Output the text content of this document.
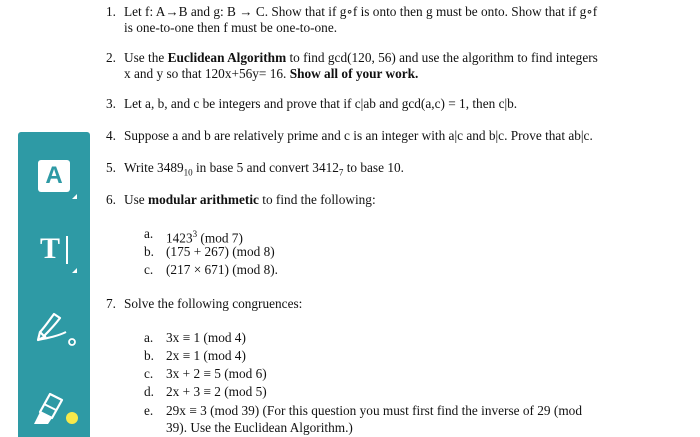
1. Let f: A→B and g: B → C. Show that if g∘f is onto then g must be onto. Show that if g∘f
is one-to-one then f must be one-to-one.
2. Use the Euclidean Algorithm to find gcd(120, 56) and use the algorithm to find integers
x and y so that 120x+56y= 16. Show all of your work.
3. Let a, b, and c be integers and prove that if c|ab and gcd(a,c) = 1, then c|b.
4. Suppose a and b are relatively prime and c is an integer with a|c and b|c. Prove that ab|c.
5. Write $3489_{10}$ in base 5 and convert $3412_7$ to base 10.
6. Use modular arithmetic to find the following:
a. 1423$^3$ (mod 7)
b. (175 + 267) (mod 8)
c. (217 × 671) (mod 8).
7. Solve the following congruences:
a. 3x ≡ 1 (mod 4)
b. 2x ≡ 1 (mod 4)
c. 3x + 2 ≡ 5 (mod 6)
d. 2x + 3 ≡ 2 (mod 5)
e. 29x ≡ 3 (mod 39) (For this question you must first find the inverse of 29 (mod
39). Use the Euclidean Algorithm.)
A
T
